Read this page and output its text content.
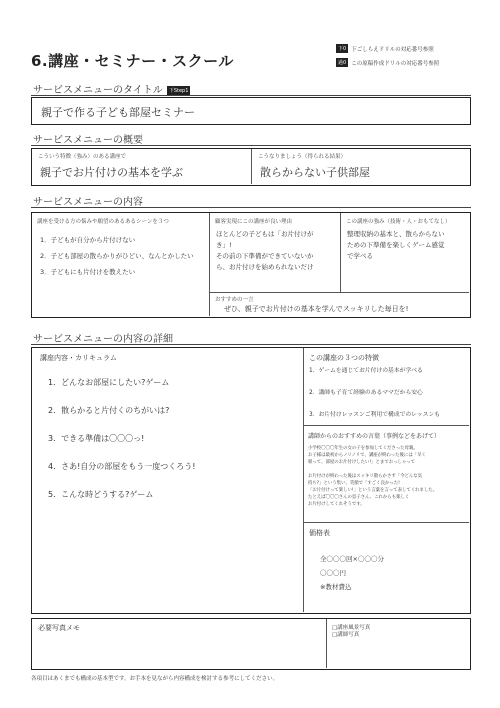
6.講座・セミナー・スクール
下0 下ごしらえドリルの対応番号参照
過0 この原稿作成ドリルの対応番号参照
サービスメニューのタイトル 下Step1
親子で作る子ども部屋セミナー
サービスメニューの概要
こういう特徴（強み）のある講座で
親子でお片付けの基本を学ぶ
こうなりましょう（得られる結果）
散らからない子供部屋
サービスメニューの内容
講座を受ける方の悩みや願望のあるあるシーンを３つ
1．子どもが自分から片付けない
2．子ども部屋の散らかりがひどい、なんとかしたい
3．子どもにも片付けを教えたい
顧客実現にこの講座が良い理由
ほとんどの子どもは「お片付けが
き」!
その前の下準備ができていないか
ら、お片付けを始められないだけ
この講座の強み（技術・人・おもてなし）
整理収納の基本と、散らからない
ための下準備を楽しくゲーム感覚
で学べる
おすすめの一言
ぜひ、親子でお片付けの基本を学んでスッキリした毎日を!
サービスメニューの内容の詳細
講座内容・カリキュラム
1．どんなお部屋にしたい?ゲーム
2．散らかると片付くのちがいは?
3．できる準備は〇〇〇っ!
4．さあ!自分の部屋をもう一度つくろう!
5．こんな時どうする?ゲーム
この講座の３つの特徴
1．ゲームを通じてお片付けの基本が学べる
2．講師も子育て経験のあるママだから安心
3．お片付けレッスンご利用で構成でのレッスンも
講師からのおすすめの言葉（事例などをあげて）
小学校〇〇〇年生の女の子を参加してくださった母親。
お子様は最初からノリノリで、講座が終わった後には「早く
帰って、部屋のお片付けしたい!」とまでおっしゃって
お片付けが終わった後はスッキリ散らかさず「今どんな気
持ち?」という集い、笑顔で「すごく良かった!
「お片付けって楽しい!」という言葉を言って表してくれました。
たとえば〇〇〇さんの息子さん、これからも楽しく
お片付けしてくれそうです。
価格表
全〇〇〇回×〇〇〇分
〇〇〇円
※教材費込
必要写真メモ	□講座風景写真
□講師写真
各項目はあくまでも構成の基本型です。お手本を見ながら内容構成を検討する参考にしてください。
